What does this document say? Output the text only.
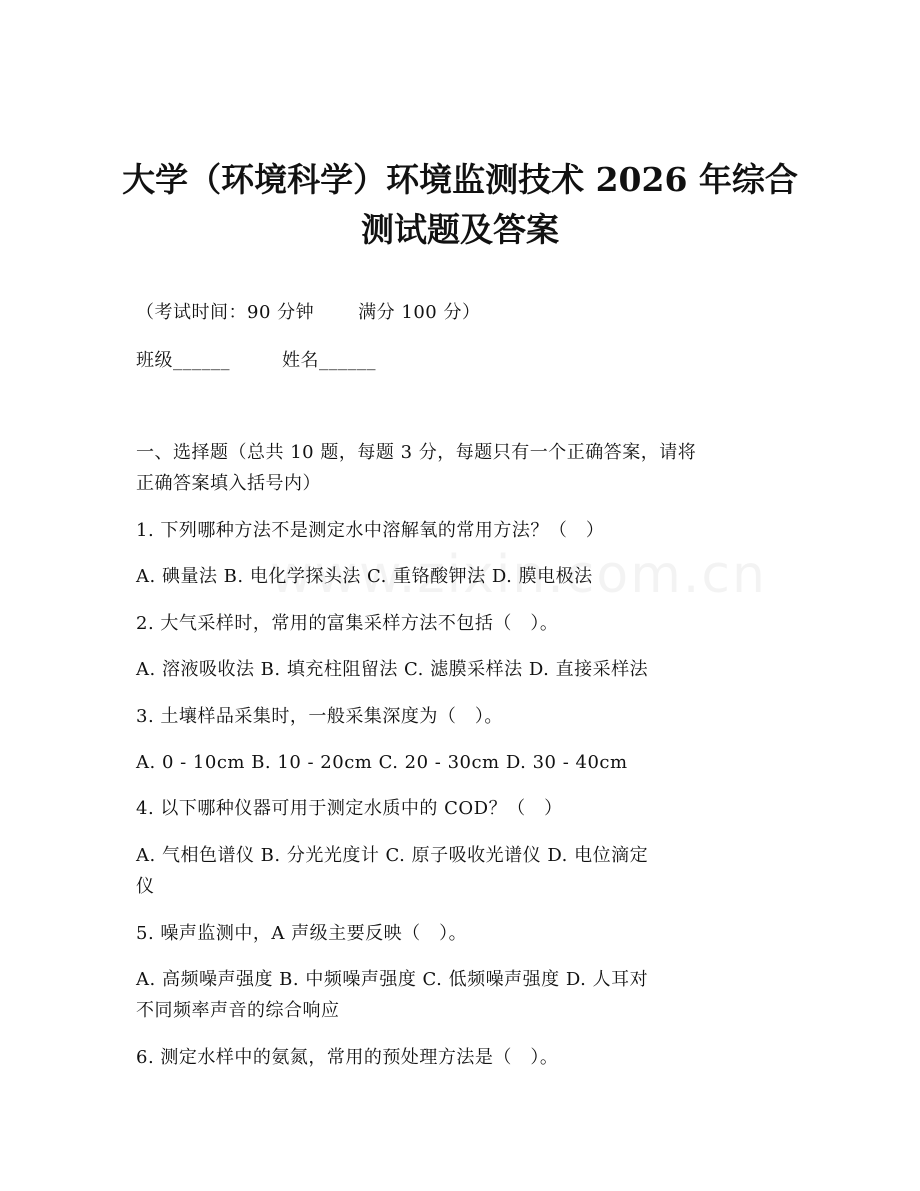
大学（环境科学）环境监测技术 2026 年综合
测试题及答案
（考试时间：90 分钟 满分 100 分）
班级______	姓名______
一、选择题（总共 10 题，每题 3 分，每题只有一个正确答案，请将
正确答案填入括号内）
1. 下列哪种方法不是测定水中溶解氧的常用方法？（　）
A. 碘量法 B. 电化学探头法 C. 重铬酸钾法 D. 膜电极法
2. 大气采样时，常用的富集采样方法不包括（　）。
A. 溶液吸收法 B. 填充柱阻留法 C. 滤膜采样法 D. 直接采样法
3. 土壤样品采集时，一般采集深度为（　）。
A. 0 - 10cm B. 10 - 20cm C. 20 - 30cm D. 30 - 40cm
4. 以下哪种仪器可用于测定水质中的 COD？（　）
A. 气相色谱仪 B. 分光光度计 C. 原子吸收光谱仪 D. 电位滴定
仪
5. 噪声监测中，A 声级主要反映（　）。
A. 高频噪声强度 B. 中频噪声强度 C. 低频噪声强度 D. 人耳对
不同频率声音的综合响应
6. 测定水样中的氨氮，常用的预处理方法是（　）。
